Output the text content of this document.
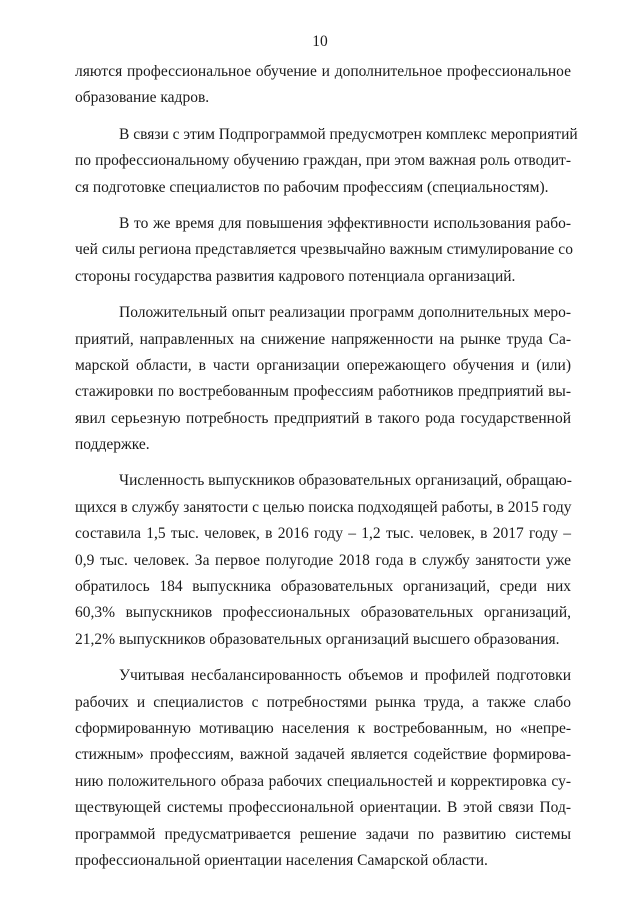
10
ляются профессиональное обучение и дополнительное профессиональное
образование кадров.
В связи с этим Подпрограммой предусмотрен комплекс мероприятий
по профессиональному обучению граждан, при этом важная роль отводит-
ся подготовке специалистов по рабочим профессиям (специальностям).
В то же время для повышения эффективности использования рабо-
чей силы региона представляется чрезвычайно важным стимулирование со
стороны государства развития кадрового потенциала организаций.
Положительный опыт реализации программ дополнительных меро-
приятий, направленных на снижение напряженности на рынке труда Са-
марской области, в части организации опережающего обучения и (или)
стажировки по востребованным профессиям работников предприятий вы-
явил серьезную потребность предприятий в такого рода государственной
поддержке.
Численность выпускников образовательных организаций, обращаю-
щихся в службу занятости с целью поиска подходящей работы, в 2015 году
составила 1,5 тыс. человек, в 2016 году – 1,2 тыс. человек, в 2017 году –
0,9 тыс. человек. За первое полугодие 2018 года в службу занятости уже
обратилось 184 выпускника образовательных организаций, среди них
60,3% выпускников профессиональных образовательных организаций,
21,2% выпускников образовательных организаций высшего образования.
Учитывая несбалансированность объемов и профилей подготовки
рабочих и специалистов с потребностями рынка труда, а также слабо
сформированную мотивацию населения к востребованным, но «непре-
стижным» профессиям, важной задачей является содействие формирова-
нию положительного образа рабочих специальностей и корректировка су-
ществующей системы профессиональной ориентации. В этой связи Под-
программой предусматривается решение задачи по развитию системы
профессиональной ориентации населения Самарской области.
